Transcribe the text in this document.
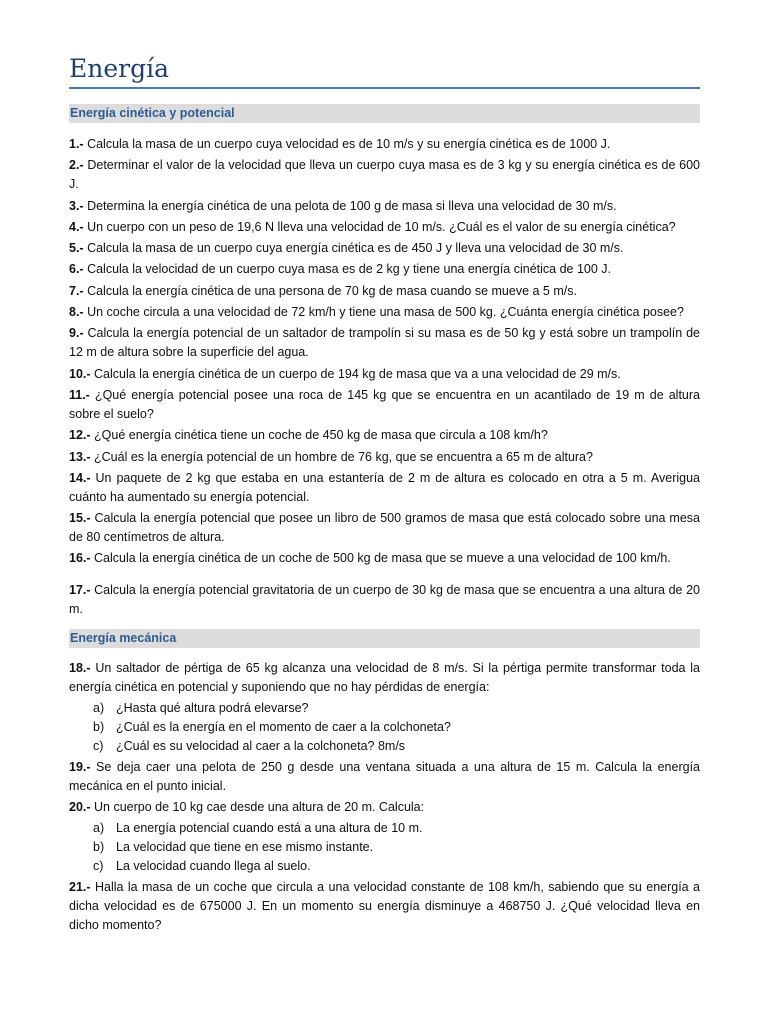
Energía
Energía cinética y potencial

1.- Calcula la masa de un cuerpo cuya velocidad es de 10 m/s y su energía cinética es de 1000 J.

2.- Determinar el valor de la velocidad que lleva un cuerpo cuya masa es de 3 kg y su energía cinética es de 600 J.

3.- Determina la energía cinética de una pelota de 100 g de masa si lleva una velocidad de 30 m/s.

4.- Un cuerpo con un peso de 19,6 N lleva una velocidad de 10 m/s. ¿Cuál es el valor de su energía cinética?

5.- Calcula la masa de un cuerpo cuya energía cinética es de 450 J y lleva una velocidad de 30 m/s.

6.- Calcula la velocidad de un cuerpo cuya masa es de 2 kg y tiene una energía cinética de 100 J.

7.- Calcula la energía cinética de una persona de 70 kg de masa cuando se mueve a 5 m/s.

8.- Un coche circula a una velocidad de 72 km/h y tiene una masa de 500 kg. ¿Cuánta energía cinética posee?

9.- Calcula la energía potencial de un saltador de trampolín si su masa es de 50 kg y está sobre un trampolín de 12 m de altura sobre la superficie del agua.

10.- Calcula la energía cinética de un cuerpo de 194 kg de masa que va a una velocidad de 29 m/s.

11.- ¿Qué energía potencial posee una roca de 145 kg que se encuentra en un acantilado de 19 m de altura sobre el suelo?

12.- ¿Qué energía cinética tiene un coche de 450 kg de masa que circula a 108 km/h?

13.- ¿Cuál es la energía potencial de un hombre de 76 kg, que se encuentra a 65 m de altura?

14.- Un paquete de 2 kg que estaba en una estantería de 2 m de altura es colocado en otra a 5 m. Averigua cuánto ha aumentado su energía potencial.

15.- Calcula la energía potencial que posee un libro de 500 gramos de masa que está colocado sobre una mesa de 80 centímetros de altura.

16.- Calcula la energía cinética de un coche de 500 kg de masa que se mueve a una velocidad de 100 km/h.

17.- Calcula la energía potencial gravitatoria de un cuerpo de 30 kg de masa que se encuentra a una altura de 20 m.

Energía mecánica

18.- Un saltador de pértiga de 65 kg alcanza una velocidad de 8 m/s. Si la pértiga permite transformar toda la energía cinética en potencial y suponiendo que no hay pérdidas de energía:

a) ¿Hasta qué altura podrá elevarse?
b) ¿Cuál es la energía en el momento de caer a la colchoneta?
c) ¿Cuál es su velocidad al caer a la colchoneta? 8m/s

19.- Se deja caer una pelota de 250 g desde una ventana situada a una altura de 15 m. Calcula la energía mecánica en el punto inicial.

20.- Un cuerpo de 10 kg cae desde una altura de 20 m. Calcula:

a) La energía potencial cuando está a una altura de 10 m.
b) La velocidad que tiene en ese mismo instante.
c) La velocidad cuando llega al suelo.

21.- Halla la masa de un coche que circula a una velocidad constante de 108 km/h, sabiendo que su energía a dicha velocidad es de 675000 J. En un momento su energía disminuye a 468750 J. ¿Qué velocidad lleva en dicho momento?
